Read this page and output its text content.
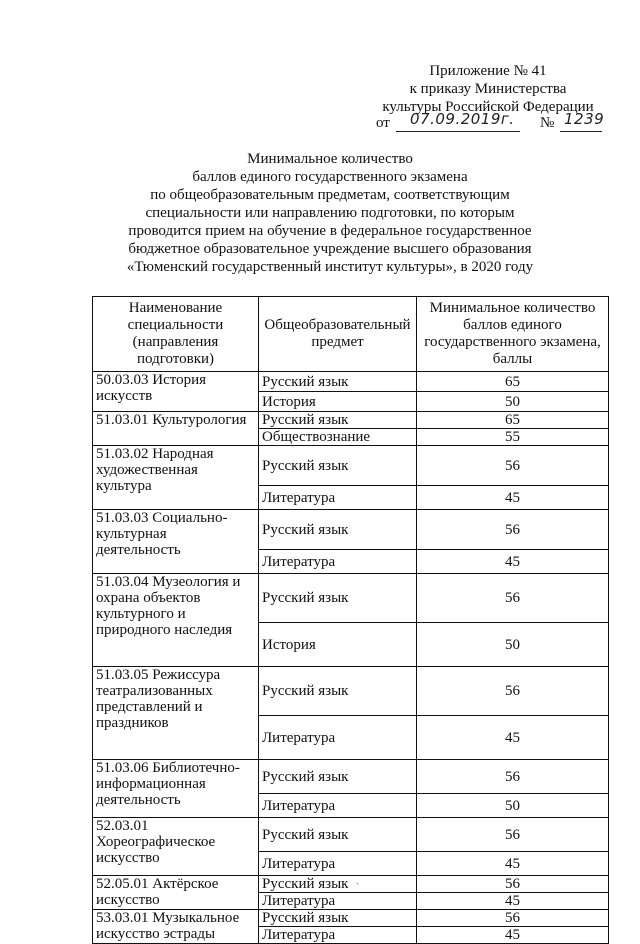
Приложение № 41
к приказу Министерства
культуры Российской Федерации
от 07.09.2019г. № 1239
Минимальное количество
баллов единого государственного экзамена
по общеобразовательным предметам, соответствующим
специальности или направлению подготовки, по которым
проводится прием на обучение в федеральное государственное
бюджетное образовательное учреждение высшего образования
«Тюменский государственный институт культуры», в 2020 году
Наименование специальности (направления подготовки)	Общеобразовательный предмет	Минимальное количество баллов единого государственного экзамена, баллы
50.03.03 История искусств	Русский язык	65
	История	50
51.03.01 Культурология	Русский язык	65
	Обществознание	55
51.03.02 Народная художественная культура	Русский язык	56
	Литература	45
51.03.03 Социально-культурная деятельность	Русский язык	56
	Литература	45
51.03.04 Музеология и охрана объектов культурного и природного наследия	Русский язык	56
	История	50
51.03.05 Режиссура театрализованных представлений и праздников	Русский язык	56
	Литература	45
51.03.06 Библиотечно-информационная деятельность	Русский язык	56
	Литература	50
52.03.01 Хореографическое искусство	Русский язык	56
	Литература	45
52.05.01 Актёрское искусство	Русский язык	56
	Литература	45
53.03.01 Музыкальное искусство эстрады	Русский язык	56
	Литература	45
ˏ
